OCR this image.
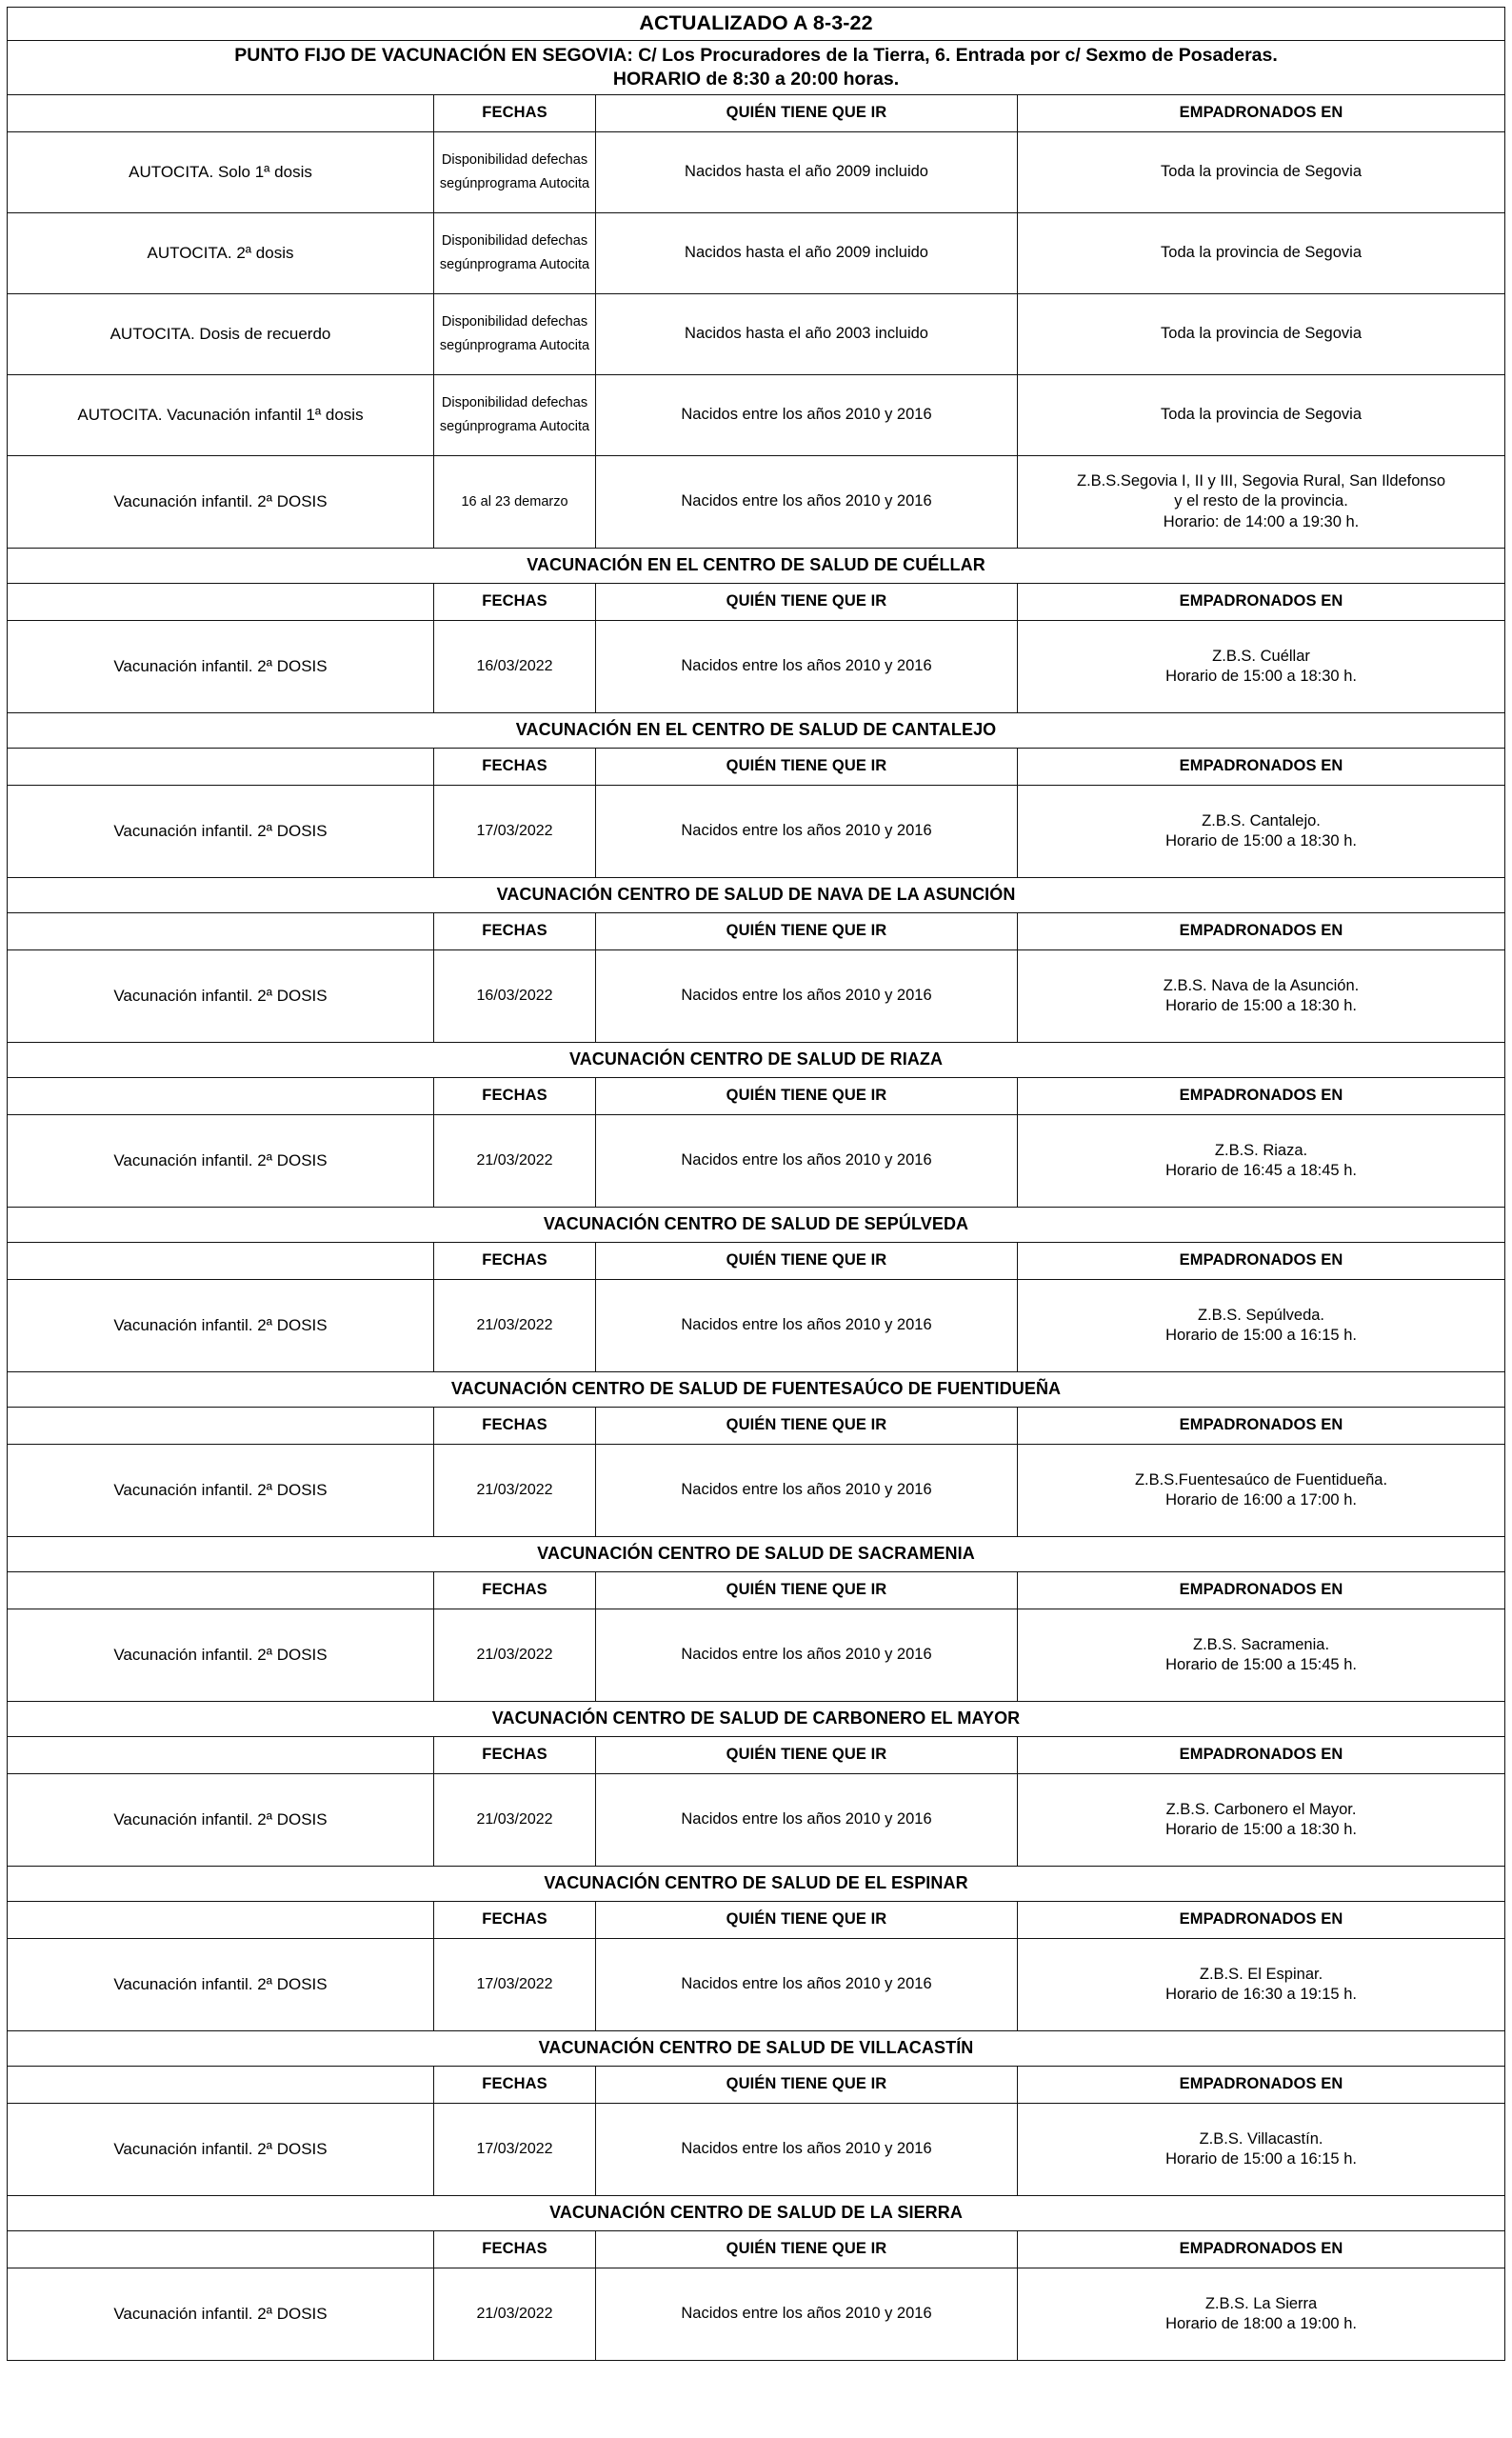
ACTUALIZADO A 8-3-22			

PUNTO FIJO DE VACUNACIÓN EN SEGOVIA: C/ Los Procuradores de la Tierra, 6. Entrada por c/ Sexmo de Posaderas.
HORARIO de 8:30 a 20:00 horas.			

	FECHAS	QUIÉN TIENE QUE IR	EMPADRONADOS EN
AUTOCITA. Solo 1ª dosis	Disponibilidad defechas segúnprograma Autocita	Nacidos hasta el año 2009 incluido	Toda la provincia de Segovia

AUTOCITA. 2ª dosis	Disponibilidad defechas segúnprograma Autocita	Nacidos hasta el año 2009 incluido	Toda la provincia de Segovia

AUTOCITA. Dosis de recuerdo	Disponibilidad defechas segúnprograma Autocita	Nacidos hasta el año 2003 incluido	Toda la provincia de Segovia

AUTOCITA. Vacunación infantil 1ª dosis	Disponibilidad defechas segúnprograma Autocita	Nacidos entre los años 2010 y 2016	Toda la provincia de Segovia

Vacunación infantil. 2ª DOSIS	16 al 23 demarzo	Nacidos entre los años 2010 y 2016	Z.B.S.Segovia I, II y III, Segovia Rural, San Ildefonso
y el resto de la provincia.
Horario: de 14:00 a 19:30 h.

VACUNACIÓN EN EL CENTRO DE SALUD DE CUÉLLAR			
	FECHAS	QUIÉN TIENE QUE IR	EMPADRONADOS EN
Vacunación infantil. 2ª DOSIS	16/03/2022	Nacidos entre los años 2010 y 2016	Z.B.S. Cuéllar
Horario de 15:00 a 18:30 h.

VACUNACIÓN EN EL CENTRO DE SALUD DE CANTALEJO			
	FECHAS	QUIÉN TIENE QUE IR	EMPADRONADOS EN
Vacunación infantil. 2ª DOSIS	17/03/2022	Nacidos entre los años 2010 y 2016	Z.B.S. Cantalejo.
Horario de 15:00 a 18:30 h.

VACUNACIÓN CENTRO DE SALUD DE NAVA DE LA ASUNCIÓN			
	FECHAS	QUIÉN TIENE QUE IR	EMPADRONADOS EN
Vacunación infantil. 2ª DOSIS	16/03/2022	Nacidos entre los años 2010 y 2016	Z.B.S. Nava de la Asunción.
Horario de 15:00 a 18:30 h.

VACUNACIÓN CENTRO DE SALUD DE RIAZA			
	FECHAS	QUIÉN TIENE QUE IR	EMPADRONADOS EN
Vacunación infantil. 2ª DOSIS	21/03/2022	Nacidos entre los años 2010 y 2016	Z.B.S. Riaza.
Horario de 16:45 a 18:45 h.

VACUNACIÓN CENTRO DE SALUD DE SEPÚLVEDA			
	FECHAS	QUIÉN TIENE QUE IR	EMPADRONADOS EN
Vacunación infantil. 2ª DOSIS	21/03/2022	Nacidos entre los años 2010 y 2016	Z.B.S. Sepúlveda.
Horario de 15:00 a 16:15 h.

VACUNACIÓN CENTRO DE SALUD DE FUENTESAÚCO DE FUENTIDUEÑA			
	FECHAS	QUIÉN TIENE QUE IR	EMPADRONADOS EN
Vacunación infantil. 2ª DOSIS	21/03/2022	Nacidos entre los años 2010 y 2016	Z.B.S.Fuentesaúco de Fuentidueña.
Horario de 16:00 a 17:00 h.

VACUNACIÓN CENTRO DE SALUD DE SACRAMENIA			
	FECHAS	QUIÉN TIENE QUE IR	EMPADRONADOS EN
Vacunación infantil. 2ª DOSIS	21/03/2022	Nacidos entre los años 2010 y 2016	Z.B.S. Sacramenia.
Horario de 15:00 a 15:45 h.

VACUNACIÓN CENTRO DE SALUD DE CARBONERO EL MAYOR			
	FECHAS	QUIÉN TIENE QUE IR	EMPADRONADOS EN
Vacunación infantil. 2ª DOSIS	21/03/2022	Nacidos entre los años 2010 y 2016	Z.B.S. Carbonero el Mayor.
Horario de 15:00 a 18:30 h.

VACUNACIÓN CENTRO DE SALUD DE EL ESPINAR			
	FECHAS	QUIÉN TIENE QUE IR	EMPADRONADOS EN
Vacunación infantil. 2ª DOSIS	17/03/2022	Nacidos entre los años 2010 y 2016	Z.B.S. El Espinar.
Horario de 16:30 a 19:15 h.

VACUNACIÓN CENTRO DE SALUD DE VILLACASTÍN			
	FECHAS	QUIÉN TIENE QUE IR	EMPADRONADOS EN
Vacunación infantil. 2ª DOSIS	17/03/2022	Nacidos entre los años 2010 y 2016	Z.B.S. Villacastín.
Horario de 15:00 a 16:15 h.

VACUNACIÓN CENTRO DE SALUD DE LA SIERRA			
	FECHAS	QUIÉN TIENE QUE IR	EMPADRONADOS EN
Vacunación infantil. 2ª DOSIS	21/03/2022	Nacidos entre los años 2010 y 2016	Z.B.S. La Sierra
Horario de 18:00 a 19:00 h.
